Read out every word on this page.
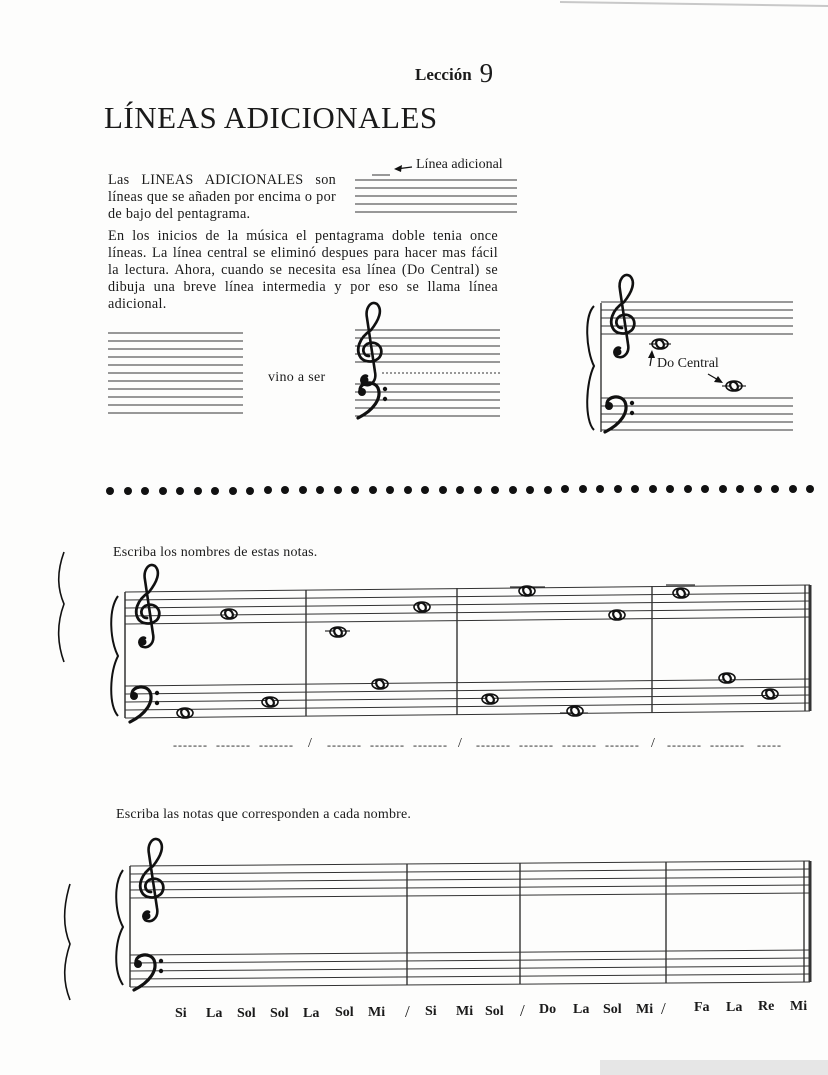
Lección 9
LÍNEAS ADICIONALES
Las LINEAS ADICIONALES son líneas que se añaden por encima o por de bajo del pentagrama.
En los inicios de la música el pentagrama doble tenia once líneas. La línea central se eliminó despues para hacer mas fácil la lectura. Ahora, cuando se necesita esa línea (Do Central) se dibuja una breve línea intermedia y por eso se llama línea adicional.
Línea adicional
vino a ser
Do Central
Escriba los nombres de estas notas.
Escriba las notas que corresponden a cada nombre.
------- ------- ------- / ------- ------- ------- / ------- ------- ------- ------- / ------- ------- -----
Si La Sol Sol La Sol Mi / Si Mi Sol / Do La Sol Mi / Fa La Re Mi
